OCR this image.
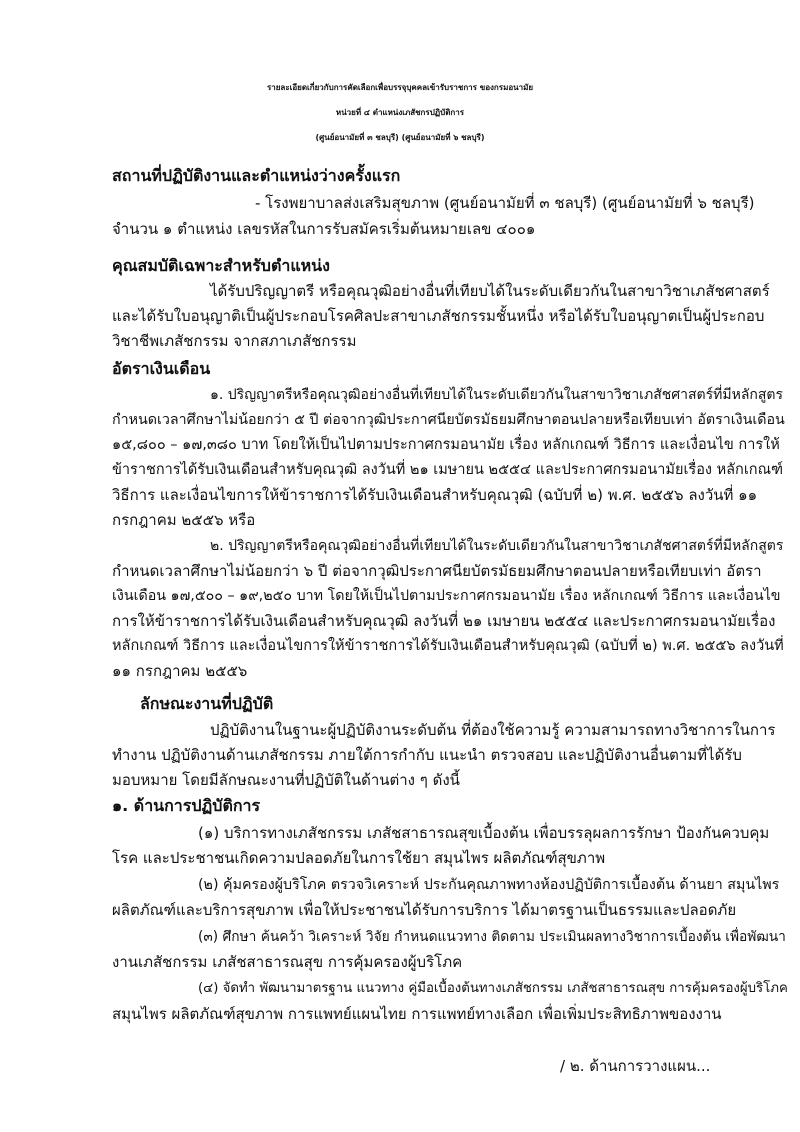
รายละเอียดเกี่ยวกับการคัดเลือกเพื่อบรรจุบุคคลเข้ารับราชการ ของกรมอนามัย
หน่วยที่ ๔ ตำแหน่งเภสัชกรปฏิบัติการ
(ศูนย์อนามัยที่ ๓ ชลบุรี) (ศูนย์อนามัยที่ ๖ ชลบุรี)
สถานที่ปฏิบัติงานและตำแหน่งว่างครั้งแรก
- โรงพยาบาลส่งเสริมสุขภาพ (ศูนย์อนามัยที่ ๓ ชลบุรี) (ศูนย์อนามัยที่ ๖ ชลบุรี)
จำนวน ๑ ตำแหน่ง เลขรหัสในการรับสมัครเริ่มต้นหมายเลข ๔๐๐๑
คุณสมบัติเฉพาะสำหรับตำแหน่ง
ได้รับปริญญาตรี หรือคุณวุฒิอย่างอื่นที่เทียบได้ในระดับเดียวกันในสาขาวิชาเภสัชศาสตร์
และได้รับใบอนุญาติเป็นผู้ประกอบโรคศิลปะสาขาเภสัชกรรมชั้นหนึ่ง หรือได้รับใบอนุญาตเป็นผู้ประกอบ
วิชาชีพเภสัชกรรม จากสภาเภสัชกรรม
อัตราเงินเดือน
๑. ปริญญาตรีหรือคุณวุฒิอย่างอื่นที่เทียบได้ในระดับเดียวกันในสาขาวิชาเภสัชศาสตร์ที่มีหลักสูตร
กำหนดเวลาศึกษาไม่น้อยกว่า ๕ ปี ต่อจากวุฒิประกาศนียบัตรมัธยมศึกษาตอนปลายหรือเทียบเท่า อัตราเงินเดือน
๑๕,๘๐๐ – ๑๗,๓๘๐ บาท โดยให้เป็นไปตามประกาศกรมอนามัย เรื่อง หลักเกณฑ์ วิธีการ และเงื่อนไข การให้
ข้าราชการได้รับเงินเดือนสำหรับคุณวุฒิ ลงวันที่ ๒๑ เมษายน ๒๕๕๔ และประกาศกรมอนามัยเรื่อง หลักเกณฑ์
วิธีการ และเงื่อนไขการให้ข้าราชการได้รับเงินเดือนสำหรับคุณวุฒิ (ฉบับที่ ๒) พ.ศ. ๒๕๕๖ ลงวันที่ ๑๑
กรกฎาคม ๒๕๕๖ หรือ
๒. ปริญญาตรีหรือคุณวุฒิอย่างอื่นที่เทียบได้ในระดับเดียวกันในสาขาวิชาเภสัชศาสตร์ที่มีหลักสูตร
กำหนดเวลาศึกษาไม่น้อยกว่า ๖ ปี ต่อจากวุฒิประกาศนียบัตรมัธยมศึกษาตอนปลายหรือเทียบเท่า อัตรา
เงินเดือน ๑๗,๕๐๐ – ๑๙,๒๕๐ บาท โดยให้เป็นไปตามประกาศกรมอนามัย เรื่อง หลักเกณฑ์ วิธีการ และเงื่อนไข
การให้ข้าราชการได้รับเงินเดือนสำหรับคุณวุฒิ ลงวันที่ ๒๑ เมษายน ๒๕๕๔ และประกาศกรมอนามัยเรื่อง
หลักเกณฑ์ วิธีการ และเงื่อนไขการให้ข้าราชการได้รับเงินเดือนสำหรับคุณวุฒิ (ฉบับที่ ๒) พ.ศ. ๒๕๕๖ ลงวันที่
๑๑ กรกฎาคม ๒๕๕๖
ลักษณะงานที่ปฏิบัติ
ปฏิบัติงานในฐานะผู้ปฏิบัติงานระดับต้น ที่ต้องใช้ความรู้ ความสามารถทางวิชาการในการ
ทำงาน ปฏิบัติงานด้านเภสัชกรรม ภายใต้การกำกับ แนะนำ ตรวจสอบ และปฏิบัติงานอื่นตามที่ได้รับ
มอบหมาย โดยมีลักษณะงานที่ปฏิบัติในด้านต่าง ๆ ดังนี้
๑. ด้านการปฏิบัติการ
(๑) บริการทางเภสัชกรรม เภสัชสาธารณสุขเบื้องต้น เพื่อบรรลุผลการรักษา ป้องกันควบคุม
โรค และประชาชนเกิดความปลอดภัยในการใช้ยา สมุนไพร ผลิตภัณฑ์สุขภาพ
(๒) คุ้มครองผู้บริโภค ตรวจวิเคราะห์ ประกันคุณภาพทางห้องปฏิบัติการเบื้องต้น ด้านยา สมุนไพร
ผลิตภัณฑ์และบริการสุขภาพ เพื่อให้ประชาชนได้รับการบริการ ได้มาตรฐานเป็นธรรมและปลอดภัย
(๓) ศึกษา ค้นคว้า วิเคราะห์ วิจัย กำหนดแนวทาง ติดตาม ประเมินผลทางวิชาการเบื้องต้น เพื่อพัฒนา
งานเภสัชกรรม เภสัชสาธารณสุข การคุ้มครองผู้บริโภค
(๔) จัดทำ พัฒนามาตรฐาน แนวทาง คู่มือเบื้องต้นทางเภสัชกรรม เภสัชสาธารณสุข การคุ้มครองผู้บริโภค
สมุนไพร ผลิตภัณฑ์สุขภาพ การแพทย์แผนไทย การแพทย์ทางเลือก เพื่อเพิ่มประสิทธิภาพของงาน
/ ๒. ด้านการวางแผน...
